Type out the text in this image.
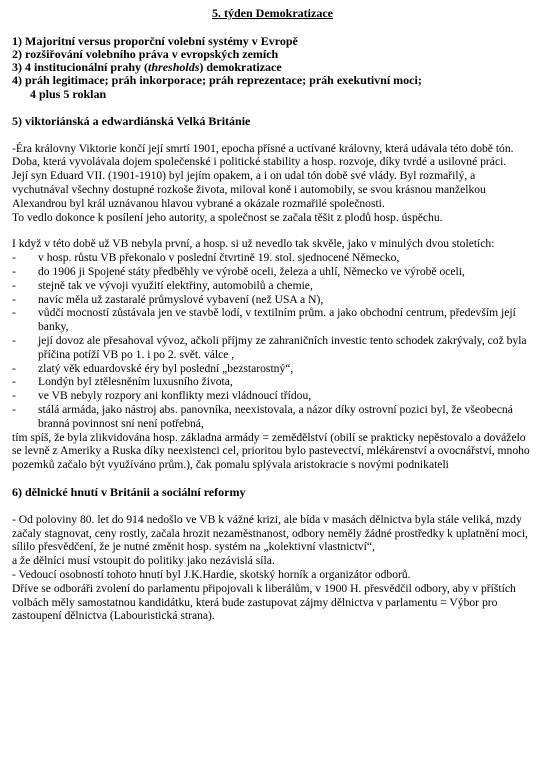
5. týden Demokratizace
1) Majoritní versus proporční volební systémy v Evropě
2) rozšiřování volebního práva v evropských zemích
3) 4 institucionální prahy (thresholds) demokratizace
4) práh legitimace; práh inkorporace; práh reprezentace; práh exekutivní moci;
4 plus 5 roklan
5) viktoriánská a edwardiánská Velká Británie

-Éra královny Viktorie končí její smrtí 1901, epocha přísné a uctívané královny, která udávala této době tón. Doba, která vyvolávala dojem společenské i politické stability a hosp. rozvoje, díky tvrdé a usilovné práci.

Její syn Eduard VII. (1901-1910) byl jejím opakem, a i on udal tón době své vlády. Byl rozmařilý, a vychutnával všechny dostupné rozkoše života, miloval koně i automobily, se svou krásnou manželkou Alexandrou byl král uznávanou hlavou vybrané a okázale rozmařilé společnosti.

To vedlo dokonce k posílení jeho autority, a společnost se začala těšit z plodů hosp. úspěchu.

I když v této době už VB nebyla první, a hosp. si už nevedlo tak skvěle, jako v minulých dvou stoletích:

- v hosp. růstu VB překonalo v poslední čtvrtině 19. stol. sjednocené Německo,
- do 1906 ji Spojené státy předběhly ve výrobě oceli, železa a uhlí, Německo ve výrobě oceli,
- stejně tak ve vývoji využití elektřiny, automobilů a chemie,
- navíc měla už zastaralé průmyslové vybavení (než USA a N),
- vůdčí mocností zůstávala jen ve stavbě lodí, v textilním prům. a jako obchodní centrum, především její banky,
- její dovoz ale přesahoval vývoz, ačkoli příjmy ze zahraničních investic tento schodek zakrývaly, což byla příčina potíží VB po 1. i po 2. svět. válce ,
- zlatý věk eduardovské éry byl poslední „bezstarostný“,
- Londýn byl ztělesněním luxusního života,
- ve VB nebyly rozpory ani konflikty mezi vládnoucí třídou,
- stálá armáda, jako nástroj abs. panovníka, neexistovala, a názor díky ostrovní pozici byl, že všeobecná branná povinnost sní není potřebná,

tím spíš, že byla zlikvidována hosp. základna armády = zemědělství (obilí se prakticky nepěstovalo a dováželo se levně z Ameriky a Ruska díky neexistenci cel, prioritou bylo pastevectví, mlékárenství a ovocnářství, mnoho pozemků začalo být využíváno prům.), čak pomalu splývala aristokracie s novými podnikateli

6) dělnické hnutí v Británii a sociální reformy

- Od poloviny 80. let do 914 nedošlo ve VB k vážné krizi, ale bída v masách dělnictva byla stále veliká, mzdy začaly stagnovat, ceny rostly, začala hrozit nezaměstnanost, odbory neměly žádné prostředky k uplatnění moci,

sílilo přesvědčení, že je nutné změnit hosp. systém na „kolektivní vlastnictví“,

a že dělníci musí vstoupit do politiky jako nezávislá síla.

- Vedoucí osobností tohoto hnutí byl J.K.Hardie, skotský horník a organizátor odborů.

Dříve se odboráři zvolení do parlamentu připojovali k liberálům, v 1900 H. přesvědčil odbory, aby v příštích volbách měly samostatnou kandidátku, která bude zastupovat zájmy dělnictva v parlamentu = Výbor pro zastoupení dělnictva (Labouristická strana).
